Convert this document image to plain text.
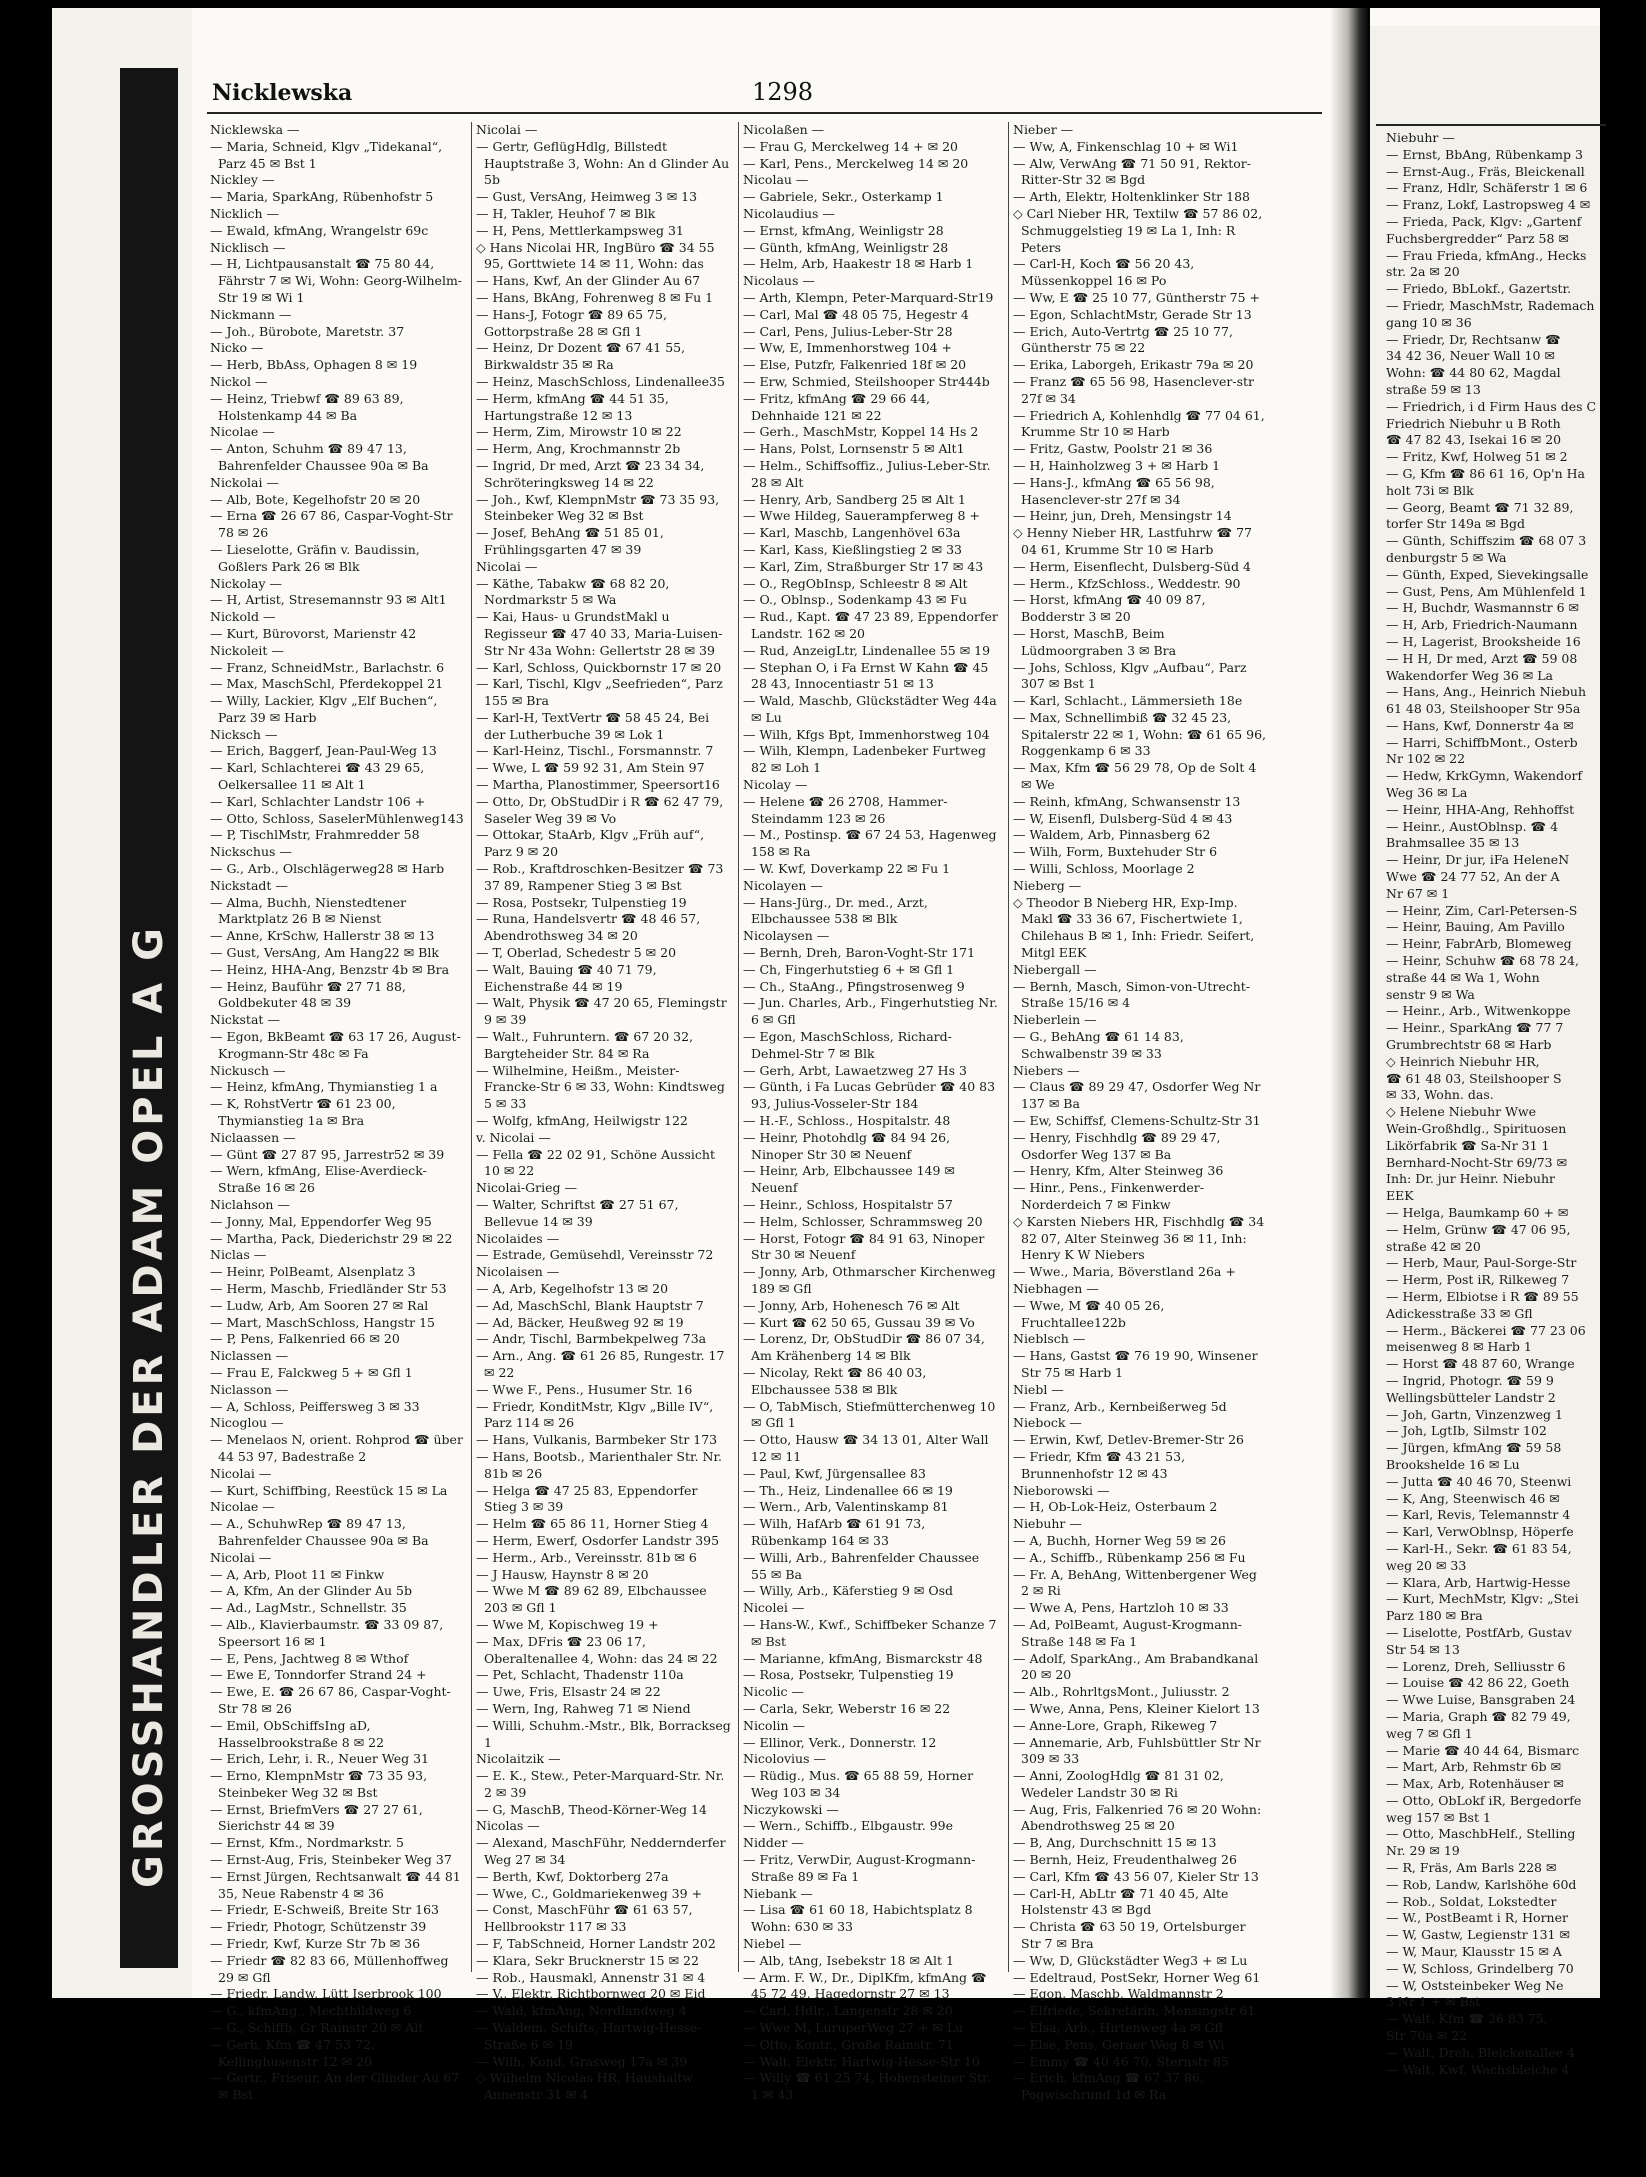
GROSSHANDLER DER ADAM OPEL A G
Nicklewska	1298
Nicklewska —
— Maria, Schneid, Klgv „Tidekanal“, Parz 45 ✉ Bst 1
Nickley —
— Maria, SparkAng, Rübenhofstr 5
Nicklich —
— Ewald, kfmAng, Wrangelstr 69c
Nicklisch —
— H, Lichtpausanstalt ☎ 75 80 44, Fährstr 7 ✉ Wi, Wohn: Georg-Wilhelm-Str 19 ✉ Wi 1
Nickmann —
— Joh., Bürobote, Maretstr. 37
Nicko —
— Herb, BbAss, Ophagen 8 ✉ 19
Nickol —
— Heinz, Triebwf ☎ 89 63 89, Holstenkamp 44 ✉ Ba
Nicolae —
— Anton, Schuhm ☎ 89 47 13, Bahrenfelder Chaussee 90a ✉ Ba
Nickolai —
— Alb, Bote, Kegelhofstr 20 ✉ 20
— Erna ☎ 26 67 86, Caspar-Voght-Str 78 ✉ 26
— Lieselotte, Gräfin v. Baudissin, Goßlers Park 26 ✉ Blk
Nickolay —
— H, Artist, Stresemannstr 93 ✉ Alt1
Nickold —
— Kurt, Bürovorst, Marienstr 42
Nickoleit —
— Franz, SchneidMstr., Barlachstr. 6
— Max, MaschSchl, Pferdekoppel 21
— Willy, Lackier, Klgv „Elf Buchen“, Parz 39 ✉ Harb
Nicksch —
— Erich, Baggerf, Jean-Paul-Weg 13
— Karl, Schlachterei ☎ 43 29 65, Oelkersallee 11 ✉ Alt 1
— Karl, Schlachter Landstr 106 +
— Otto, Schloss, SaselerMühlenweg143
— P, TischlMstr, Frahmredder 58
Nickschus —
— G., Arb., Olschlägerweg28 ✉ Harb
Nickstadt —
— Alma, Buchh, Nienstedtener Marktplatz 26 B ✉ Nienst
— Anne, KrSchw, Hallerstr 38 ✉ 13
— Gust, VersAng, Am Hang22 ✉ Blk
— Heinz, HHA-Ang, Benzstr 4b ✉ Bra
— Heinz, Bauführ ☎ 27 71 88, Goldbekuter 48 ✉ 39
Nickstat —
— Egon, BkBeamt ☎ 63 17 26, August-Krogmann-Str 48c ✉ Fa
Nickusch —
— Heinz, kfmAng, Thymianstieg 1 a
— K, RohstVertr ☎ 61 23 00, Thymianstieg 1a ✉ Bra
Niclaassen —
— Günt ☎ 27 87 95, Jarrestr52 ✉ 39
— Wern, kfmAng, Elise-Averdieck-Straße 16 ✉ 26
Niclahson —
— Jonny, Mal, Eppendorfer Weg 95
— Martha, Pack, Diederichstr 29 ✉ 22
Niclas —
— Heinr, PolBeamt, Alsenplatz 3
— Herm, Maschb, Friedländer Str 53
— Ludw, Arb, Am Sooren 27 ✉ Ral
— Mart, MaschSchloss, Hangstr 15
— P, Pens, Falkenried 66 ✉ 20
Niclassen —
— Frau E, Falckweg 5 + ✉ Gfl 1
Niclasson —
— A, Schloss, Peiffersweg 3 ✉ 33
Nicoglou —
— Menelaos N, orient. Rohprod ☎ über 44 53 97, Badestraße 2
Nicolai —
— Kurt, Schiffbing, Reestück 15 ✉ La
Nicolae —
— A., SchuhwRep ☎ 89 47 13, Bahrenfelder Chaussee 90a ✉ Ba
Nicolai —
— A, Arb, Ploot 11 ✉ Finkw
— A, Kfm, An der Glinder Au 5b
— Ad., LagMstr., Schnellstr. 35
— Alb., Klavierbaumstr. ☎ 33 09 87, Speersort 16 ✉ 1
— E, Pens, Jachtweg 8 ✉ Wthof
— Ewe E, Tonndorfer Strand 24 +
— Ewe, E. ☎ 26 67 86, Caspar-Voght-Str 78 ✉ 26
— Emil, ObSchiffsIng aD, Hasselbrookstraße 8 ✉ 22
— Erich, Lehr, i. R., Neuer Weg 31
— Erno, KlempnMstr ☎ 73 35 93, Steinbeker Weg 32 ✉ Bst
— Ernst, BriefmVers ☎ 27 27 61, Sierichstr 44 ✉ 39
— Ernst, Kfm., Nordmarkstr. 5
— Ernst-Aug, Fris, Steinbeker Weg 37
— Ernst Jürgen, Rechtsanwalt ☎ 44 81 35, Neue Rabenstr 4 ✉ 36
— Friedr, E-Schweiß, Breite Str 163
— Friedr, Photogr, Schützenstr 39
— Friedr, Kwf, Kurze Str 7b ✉ 36
— Friedr ☎ 82 83 66, Müllenhoffweg 29 ✉ Gfl
— Friedr, Landw, Lütt Iserbrook 100
— G., kfmAng., Mechthildweg 6
— G., Schiffb, Gr Rainstr 20 ✉ Alt
— Gerh, Kfm ☎ 47 53 72, Kellinghusenstr 12 ✉ 20
— Gertr., Friseur, An der Glinder Au 67 ✉ Bst
Nicolai —
— Gertr, GeflügHdlg, Billstedt Hauptstraße 3, Wohn: An d Glinder Au 5b
— Gust, VersAng, Heimweg 3 ✉ 13
— H, Takler, Heuhof 7 ✉ Blk
— H, Pens, Mettlerkampsweg 31
◇ Hans Nicolai HR, IngBüro ☎ 34 55 95, Gorttwiete 14 ✉ 11, Wohn: das
— Hans, Kwf, An der Glinder Au 67
— Hans, BkAng, Fohrenweg 8 ✉ Fu 1
— Hans-J, Fotogr ☎ 89 65 75, Gottorpstraße 28 ✉ Gfl 1
— Heinz, Dr Dozent ☎ 67 41 55, Birkwaldstr 35 ✉ Ra
— Heinz, MaschSchloss, Lindenallee35
— Herm, kfmAng ☎ 44 51 35, Hartungstraße 12 ✉ 13
— Herm, Zim, Mirowstr 10 ✉ 22
— Herm, Ang, Krochmannstr 2b
— Ingrid, Dr med, Arzt ☎ 23 34 34, Schröteringksweg 14 ✉ 22
— Joh., Kwf, KlempnMstr ☎ 73 35 93, Steinbeker Weg 32 ✉ Bst
— Josef, BehAng ☎ 51 85 01, Frühlingsgarten 47 ✉ 39
Nicolai —
— Käthe, Tabakw ☎ 68 82 20, Nordmarkstr 5 ✉ Wa
— Kai, Haus- u GrundstMakl u Regisseur ☎ 47 40 33, Maria-Luisen-Str Nr 43a Wohn: Gellertstr 28 ✉ 39
— Karl, Schloss, Quickbornstr 17 ✉ 20
— Karl, Tischl, Klgv „Seefrieden“, Parz 155 ✉ Bra
— Karl-H, TextVertr ☎ 58 45 24, Bei der Lutherbuche 39 ✉ Lok 1
— Karl-Heinz, Tischl., Forsmannstr. 7
— Wwe, L ☎ 59 92 31, Am Stein 97
— Martha, Planostimmer, Speersort16
— Otto, Dr, ObStudDir i R ☎ 62 47 79, Saseler Weg 39 ✉ Vo
— Ottokar, StaArb, Klgv „Früh auf“, Parz 9 ✉ 20
— Rob., Kraftdroschken-Besitzer ☎ 73 37 89, Rampener Stieg 3 ✉ Bst
— Rosa, Postsekr, Tulpenstieg 19
— Runa, Handelsvertr ☎ 48 46 57, Abendrothsweg 34 ✉ 20
— T, Oberlad, Schedestr 5 ✉ 20
— Walt, Bauing ☎ 40 71 79, Eichenstraße 44 ✉ 19
— Walt, Physik ☎ 47 20 65, Flemingstr 9 ✉ 39
— Walt., Fuhruntern. ☎ 67 20 32, Bargteheider Str. 84 ✉ Ra
— Wilhelmine, Heißm., Meister-Francke-Str 6 ✉ 33, Wohn: Kindtsweg 5 ✉ 33
— Wolfg, kfmAng, Heilwigstr 122
v. Nicolai —
— Fella ☎ 22 02 91, Schöne Aussicht 10 ✉ 22
Nicolai-Grieg —
— Walter, Schriftst ☎ 27 51 67, Bellevue 14 ✉ 39
Nicolaides —
— Estrade, Gemüsehdl, Vereinsstr 72
Nicolaisen —
— A, Arb, Kegelhofstr 13 ✉ 20
— Ad, MaschSchl, Blank Hauptstr 7
— Ad, Bäcker, Heußweg 92 ✉ 19
— Andr, Tischl, Barmbekpelweg 73a
— Arn., Ang. ☎ 61 26 85, Rungestr. 17 ✉ 22
— Wwe F., Pens., Husumer Str. 16
— Friedr, KonditMstr, Klgv „Bille IV“, Parz 114 ✉ 26
— Hans, Vulkanis, Barmbeker Str 173
— Hans, Bootsb., Marienthaler Str. Nr. 81b ✉ 26
— Helga ☎ 47 25 83, Eppendorfer Stieg 3 ✉ 39
— Helm ☎ 65 86 11, Horner Stieg 4
— Herm, Ewerf, Osdorfer Landstr 395
— Herm., Arb., Vereinsstr. 81b ✉ 6
— J Hausw, Haynstr 8 ✉ 20
— Wwe M ☎ 89 62 89, Elbchaussee 203 ✉ Gfl 1
— Wwe M, Kopischweg 19 +
— Max, DFris ☎ 23 06 17, Oberaltenallee 4, Wohn: das 24 ✉ 22
— Pet, Schlacht, Thadenstr 110a
— Uwe, Fris, Elsastr 24 ✉ 22
— Wern, Ing, Rahweg 71 ✉ Niend
— Willi, Schuhm.-Mstr., Blk, Borrackseg 1
Nicolaitzik —
— E. K., Stew., Peter-Marquard-Str. Nr. 2 ✉ 39
— G, MaschB, Theod-Körner-Weg 14
Nicolas —
— Alexand, MaschFühr, Neddernderfer Weg 27 ✉ 34
— Berth, Kwf, Doktorberg 27a
— Wwe, C., Goldmariekenweg 39 +
— Const, MaschFühr ☎ 61 63 57, Hellbrookstr 117 ✉ 33
— F, TabSchneid, Horner Landstr 202
— Klara, Sekr Brucknerstr 15 ✉ 22
— Rob., Hausmakl, Annenstr 31 ✉ 4
— V., Elektr, Richtbornweg 20 ✉ Eid
— Wald, kfmAng, Nordlandweg 4
— Waldem, Schifts, Hartwig-Hesse-Straße 6 ✉ 19
— Wilh, Kond, Grasweg 17a ✉ 39
◇ Wilhelm Nicolas HR, Haushaltw Annenstr 31 ✉ 4
Nicolaßen —
— Frau G, Merckelweg 14 + ✉ 20
— Karl, Pens., Merckelweg 14 ✉ 20
Nicolau —
— Gabriele, Sekr., Osterkamp 1
Nicolaudius —
— Ernst, kfmAng, Weinligstr 28
— Günth, kfmAng, Weinligstr 28
— Helm, Arb, Haakestr 18 ✉ Harb 1
Nicolaus —
— Arth, Klempn, Peter-Marquard-Str19
— Carl, Mal ☎ 48 05 75, Hegestr 4
— Carl, Pens, Julius-Leber-Str 28
— Ww, E, Immenhorstweg 104 +
— Else, Putzfr, Falkenried 18f ✉ 20
— Erw, Schmied, Steilshooper Str444b
— Fritz, kfmAng ☎ 29 66 44, Dehnhaide 121 ✉ 22
— Gerh., MaschMstr, Koppel 14 Hs 2
— Hans, Polst, Lornsenstr 5 ✉ Alt1
— Helm., Schiffsoffiz., Julius-Leber-Str. 28 ✉ Alt
— Henry, Arb, Sandberg 25 ✉ Alt 1
— Wwe Hildeg, Sauerampferweg 8 +
— Karl, Maschb, Langenhövel 63a
— Karl, Kass, Kießlingstieg 2 ✉ 33
— Karl, Zim, Straßburger Str 17 ✉ 43
— O., RegObInsp, Schleestr 8 ✉ Alt
— O., Oblnsp., Sodenkamp 43 ✉ Fu
— Rud., Kapt. ☎ 47 23 89, Eppendorfer Landstr. 162 ✉ 20
— Rud, AnzeigLtr, Lindenallee 55 ✉ 19
— Stephan O, i Fa Ernst W Kahn ☎ 45 28 43, Innocentiastr 51 ✉ 13
— Wald, Maschb, Glückstädter Weg 44a ✉ Lu
— Wilh, Kfgs Bpt, Immenhorstweg 104
— Wilh, Klempn, Ladenbeker Furtweg 82 ✉ Loh 1
Nicolay —
— Helene ☎ 26 2708, Hammer-Steindamm 123 ✉ 26
— M., Postinsp. ☎ 67 24 53, Hagenweg 158 ✉ Ra
— W. Kwf, Doverkamp 22 ✉ Fu 1
Nicolayen —
— Hans-Jürg., Dr. med., Arzt, Elbchaussee 538 ✉ Blk
Nicolaysen —
— Bernh, Dreh, Baron-Voght-Str 171
— Ch, Fingerhutstieg 6 + ✉ Gfl 1
— Ch., StaAng., Pfingstrosenweg 9
— Jun. Charles, Arb., Fingerhutstieg Nr. 6 ✉ Gfl
— Egon, MaschSchloss, Richard-Dehmel-Str 7 ✉ Blk
— Gerh, Arbt, Lawaetzweg 27 Hs 3
— Günth, i Fa Lucas Gebrüder ☎ 40 83 93, Julius-Vosseler-Str 184
— H.-F., Schloss., Hospitalstr. 48
— Heinr, Photohdlg ☎ 84 94 26, Ninoper Str 30 ✉ Neuenf
— Heinr, Arb, Elbchaussee 149 ✉ Neuenf
— Heinr., Schloss, Hospitalstr 57
— Helm, Schlosser, Schrammsweg 20
— Horst, Fotogr ☎ 84 91 63, Ninoper Str 30 ✉ Neuenf
— Jonny, Arb, Othmarscher Kirchenweg 189 ✉ Gfl
— Jonny, Arb, Hohenesch 76 ✉ Alt
— Kurt ☎ 62 50 65, Gussau 39 ✉ Vo
— Lorenz, Dr, ObStudDir ☎ 86 07 34, Am Krähenberg 14 ✉ Blk
— Nicolay, Rekt ☎ 86 40 03, Elbchaussee 538 ✉ Blk
— O, TabMisch, Stiefmütterchenweg 10 ✉ Gfl 1
— Otto, Hausw ☎ 34 13 01, Alter Wall 12 ✉ 11
— Paul, Kwf, Jürgensallee 83
— Th., Heiz, Lindenallee 66 ✉ 19
— Wern., Arb, Valentinskamp 81
— Wilh, HafArb ☎ 61 91 73, Rübenkamp 164 ✉ 33
— Willi, Arb., Bahrenfelder Chaussee 55 ✉ Ba
— Willy, Arb., Käferstieg 9 ✉ Osd
Nicolei —
— Hans-W., Kwf., Schiffbeker Schanze 7 ✉ Bst
— Marianne, kfmAng, Bismarckstr 48
— Rosa, Postsekr, Tulpenstieg 19
Nicolic —
— Carla, Sekr, Weberstr 16 ✉ 22
Nicolin —
— Ellinor, Verk., Donnerstr. 12
Nicolovius —
— Rüdig., Mus. ☎ 65 88 59, Horner Weg 103 ✉ 34
Niczykowski —
— Wern., Schiffb., Elbgaustr. 99e
Nidder —
— Fritz, VerwDir, August-Krogmann-Straße 89 ✉ Fa 1
Niebank —
— Lisa ☎ 61 60 18, Habichtsplatz 8 Wohn: 630 ✉ 33
Niebel —
— Alb, tAng, Isebekstr 18 ✉ Alt 1
— Arm. F. W., Dr., DiplKfm, kfmAng ☎ 45 72 49, Hagedornstr 27 ✉ 13
— Carl, Hdlr., Langenstr 28 ✉ 20
— Wwe M, LuruperWeg 27 + ✉ Lu
— Otto, Kontr., Große Rainstr. 71
— Walt, Elektr, Hartwig-Hesse-Str 10
— Willy ☎ 61 25 74, Hohensteiner Str. 1 ✉ 43
Nieber —
— Ww, A, Finkenschlag 10 + ✉ Wi1
— Alw, VerwAng ☎ 71 50 91, Rektor-Ritter-Str 32 ✉ Bgd
— Arth, Elektr, Holtenklinker Str 188
◇ Carl Nieber HR, Textilw ☎ 57 86 02, Schmuggelstieg 19 ✉ La 1, Inh: R Peters
— Carl-H, Koch ☎ 56 20 43, Müssenkoppel 16 ✉ Po
— Ww, E ☎ 25 10 77, Güntherstr 75 +
— Egon, SchlachtMstr, Gerade Str 13
— Erich, Auto-Vertrtg ☎ 25 10 77, Güntherstr 75 ✉ 22
— Erika, Laborgeh, Erikastr 79a ✉ 20
— Franz ☎ 65 56 98, Hasenclever-str 27f ✉ 34
— Friedrich A, Kohlenhdlg ☎ 77 04 61, Krumme Str 10 ✉ Harb
— Fritz, Gastw, Poolstr 21 ✉ 36
— H, Hainholzweg 3 + ✉ Harb 1
— Hans-J., kfmAng ☎ 65 56 98, Hasenclever-str 27f ✉ 34
— Heinr, jun, Dreh, Mensingstr 14
◇ Henny Nieber HR, Lastfuhrw ☎ 77 04 61, Krumme Str 10 ✉ Harb
— Herm, Eisenflecht, Dulsberg-Süd 4
— Herm., KfzSchloss., Weddestr. 90
— Horst, kfmAng ☎ 40 09 87, Bodderstr 3 ✉ 20
— Horst, MaschB, Beim Lüdmoorgraben 3 ✉ Bra
— Johs, Schloss, Klgv „Aufbau“, Parz 307 ✉ Bst 1
— Karl, Schlacht., Lämmersieth 18e
— Max, Schnellimbiß ☎ 32 45 23, Spitalerstr 22 ✉ 1, Wohn: ☎ 61 65 96, Roggenkamp 6 ✉ 33
— Max, Kfm ☎ 56 29 78, Op de Solt 4 ✉ We
— Reinh, kfmAng, Schwansenstr 13
— W, Eisenfl, Dulsberg-Süd 4 ✉ 43
— Waldem, Arb, Pinnasberg 62
— Wilh, Form, Buxtehuder Str 6
— Willi, Schloss, Moorlage 2
Nieberg —
◇ Theodor B Nieberg HR, Exp-Imp. Makl ☎ 33 36 67, Fischertwiete 1, Chilehaus B ✉ 1, Inh: Friedr. Seifert, Mitgl EEK
Niebergall —
— Bernh, Masch, Simon-von-Utrecht-Straße 15/16 ✉ 4
Nieberlein —
— G., BehAng ☎ 61 14 83, Schwalbenstr 39 ✉ 33
Niebers —
— Claus ☎ 89 29 47, Osdorfer Weg Nr 137 ✉ Ba
— Ew, Schiffsf, Clemens-Schultz-Str 31
— Henry, Fischhdlg ☎ 89 29 47, Osdorfer Weg 137 ✉ Ba
— Henry, Kfm, Alter Steinweg 36
— Hinr., Pens., Finkenwerder-Norderdeich 7 ✉ Finkw
◇ Karsten Niebers HR, Fischhdlg ☎ 34 82 07, Alter Steinweg 36 ✉ 11, Inh: Henry K W Niebers
— Wwe., Maria, Böverstland 26a +
Niebhagen —
— Wwe, M ☎ 40 05 26, Fruchtallee122b
Nieblsch —
— Hans, Gastst ☎ 76 19 90, Winsener Str 75 ✉ Harb 1
Niebl —
— Franz, Arb., Kernbeißerweg 5d
Niebock —
— Erwin, Kwf, Detlev-Bremer-Str 26
— Friedr, Kfm ☎ 43 21 53, Brunnenhofstr 12 ✉ 43
Nieborowski —
— H, Ob-Lok-Heiz, Osterbaum 2
Niebuhr —
— A, Buchh, Horner Weg 59 ✉ 26
— A., Schiffb., Rübenkamp 256 ✉ Fu
— Fr. A, BehAng, Wittenbergener Weg 2 ✉ Ri
— Wwe A, Pens, Hartzloh 10 ✉ 33
— Ad, PolBeamt, August-Krogmann-Straße 148 ✉ Fa 1
— Adolf, SparkAng., Am Brabandkanal 20 ✉ 20
— Alb., RohrltgsMont., Juliusstr. 2
— Wwe, Anna, Pens, Kleiner Kielort 13
— Anne-Lore, Graph, Rikeweg 7
— Annemarie, Arb, Fuhlsbüttler Str Nr 309 ✉ 33
— Anni, ZoologHdlg ☎ 81 31 02, Wedeler Landstr 30 ✉ Ri
— Aug, Fris, Falkenried 76 ✉ 20 Wohn: Abendrothsweg 25 ✉ 20
— B, Ang, Durchschnitt 15 ✉ 13
— Bernh, Heiz, Freudenthalweg 26
— Carl, Kfm ☎ 43 56 07, Kieler Str 13
— Carl-H, AbLtr ☎ 71 40 45, Alte Holstenstr 43 ✉ Bgd
— Christa ☎ 63 50 19, Ortelsburger Str 7 ✉ Bra
— Ww, D, Glückstädter Weg3 + ✉ Lu
— Edeltraud, PostSekr, Horner Weg 61
— Egon, Maschb, Waldmannstr 2
— Elfriede, Sekretärin, Mensingstr 61
— Elsa, Arb., Hirtenweg 4a ✉ Gfl
— Else, Pens, Geraer Weg 8 ✉ Wi
— Emmy ☎ 40 46 70, Sternstr 85
— Erich, kfmAng ☎ 67 37 86, Pogwischrund 1d ✉ Ra
Niebuhr —
— Ernst, BbAng, Rübenkamp 3
— Ernst-Aug., Fräs, Bleickenall
— Franz, Hdlr, Schäferstr 1 ✉ 6
— Franz, Lokf, Lastropsweg 4 ✉
— Frieda, Pack, Klgv: „Gartenf
Fuchsbergredder“ Parz 58 ✉
— Frau Frieda, kfmAng., Hecks
str. 2a ✉ 20
— Friedo, BbLokf., Gazertstr.
— Friedr, MaschMstr, Rademach
gang 10 ✉ 36
— Friedr, Dr, Rechtsanw ☎
34 42 36, Neuer Wall 10 ✉
Wohn: ☎ 44 80 62, Magdal
straße 59 ✉ 13
— Friedrich, i d Firm Haus des C
Friedrich Niebuhr u B Roth
☎ 47 82 43, Isekai 16 ✉ 20
— Fritz, Kwf, Holweg 51 ✉ 2
— G, Kfm ☎ 86 61 16, Op'n Ha
holt 73i ✉ Blk
— Georg, Beamt ☎ 71 32 89,
torfer Str 149a ✉ Bgd
— Günth, Schiffszim ☎ 68 07 3
denburgstr 5 ✉ Wa
— Günth, Exped, Sievekingsalle
— Gust, Pens, Am Mühlenfeld 1
— H, Buchdr, Wasmannstr 6 ✉
— H, Arb, Friedrich-Naumann
— H, Lagerist, Brooksheide 16
— H H, Dr med, Arzt ☎ 59 08
Wakendorfer Weg 36 ✉ La
— Hans, Ang., Heinrich Niebuh
61 48 03, Steilshooper Str 95a
— Hans, Kwf, Donnerstr 4a ✉
— Harri, SchiffbMont., Osterb
Nr 102 ✉ 22
— Hedw, KrkGymn, Wakendorf
Weg 36 ✉ La
— Heinr, HHA-Ang, Rehhoffst
— Heinr., AustOblnsp. ☎ 4
Brahmsallee 35 ✉ 13
— Heinr, Dr jur, iFa HeleneN
Wwe ☎ 24 77 52, An der A
Nr 67 ✉ 1
— Heinr, Zim, Carl-Petersen-S
— Heinr, Bauing, Am Pavillo
— Heinr, FabrArb, Blomeweg
— Heinr, Schuhw ☎ 68 78 24,
straße 44 ✉ Wa 1, Wohn
senstr 9 ✉ Wa
— Heinr., Arb., Witwenkoppe
— Heinr., SparkAng ☎ 77 7
Grumbrechtstr 68 ✉ Harb
◇ Heinrich Niebuhr HR,
☎ 61 48 03, Steilshooper S
✉ 33, Wohn. das.
◇ Helene Niebuhr Wwe
Wein-Großhdlg., Spirituosen
Likörfabrik ☎ Sa-Nr 31 1
Bernhard-Nocht-Str 69/73 ✉
Inh: Dr. jur Heinr. Niebuhr
EEK
— Helga, Baumkamp 60 + ✉
— Helm, Grünw ☎ 47 06 95,
straße 42 ✉ 20
— Herb, Maur, Paul-Sorge-Str
— Herm, Post iR, Rilkeweg 7
— Herm, Elbiotse i R ☎ 89 55
Adickesstraße 33 ✉ Gfl
— Herm., Bäckerei ☎ 77 23 06
meisenweg 8 ✉ Harb 1
— Horst ☎ 48 87 60, Wrange
— Ingrid, Photogr. ☎ 59 9
Wellingsbütteler Landstr 2
— Joh, Gartn, Vinzenzweg 1
— Joh, LgtIb, Silmstr 102
— Jürgen, kfmAng ☎ 59 58
Brookshelde 16 ✉ Lu
— Jutta ☎ 40 46 70, Steenwi
— K, Ang, Steenwisch 46 ✉
— Karl, Revis, Telemannstr 4
— Karl, VerwOblnsp, Höperfe
— Karl-H., Sekr. ☎ 61 83 54,
weg 20 ✉ 33
— Klara, Arb, Hartwig-Hesse
— Kurt, MechMstr, Klgv: „Stei
Parz 180 ✉ Bra
— Liselotte, PostfArb, Gustav
Str 54 ✉ 13
— Lorenz, Dreh, Selliusstr 6
— Louise ☎ 42 86 22, Goeth
— Wwe Luise, Bansgraben 24
— Maria, Graph ☎ 82 79 49,
weg 7 ✉ Gfl 1
— Marie ☎ 40 44 64, Bismarc
— Mart, Arb, Rehmstr 6b ✉
— Max, Arb, Rotenhäuser ✉
— Otto, ObLokf iR, Bergedorfe
weg 157 ✉ Bst 1
— Otto, MaschbHelf., Stelling
Nr. 29 ✉ 19
— R, Fräs, Am Barls 228 ✉
— Rob, Landw, Karlshöhe 60d
— Rob., Soldat, Lokstedter
— W., PostBeamt i R, Horner
— W, Gastw, Legienstr 131 ✉
— W, Maur, Klausstr 15 ✉ A
— W, Schloss, Grindelberg 70
— W, Oststeinbeker Weg Ne
3 Nr 1 + ✉ Bst
— Walt, Kfm ☎ 26 83 75,
Str 70a ✉ 22
— Walt, Dreh, Bleickenallee 4
— Walt, Kwf, Wachsbleiche 4
